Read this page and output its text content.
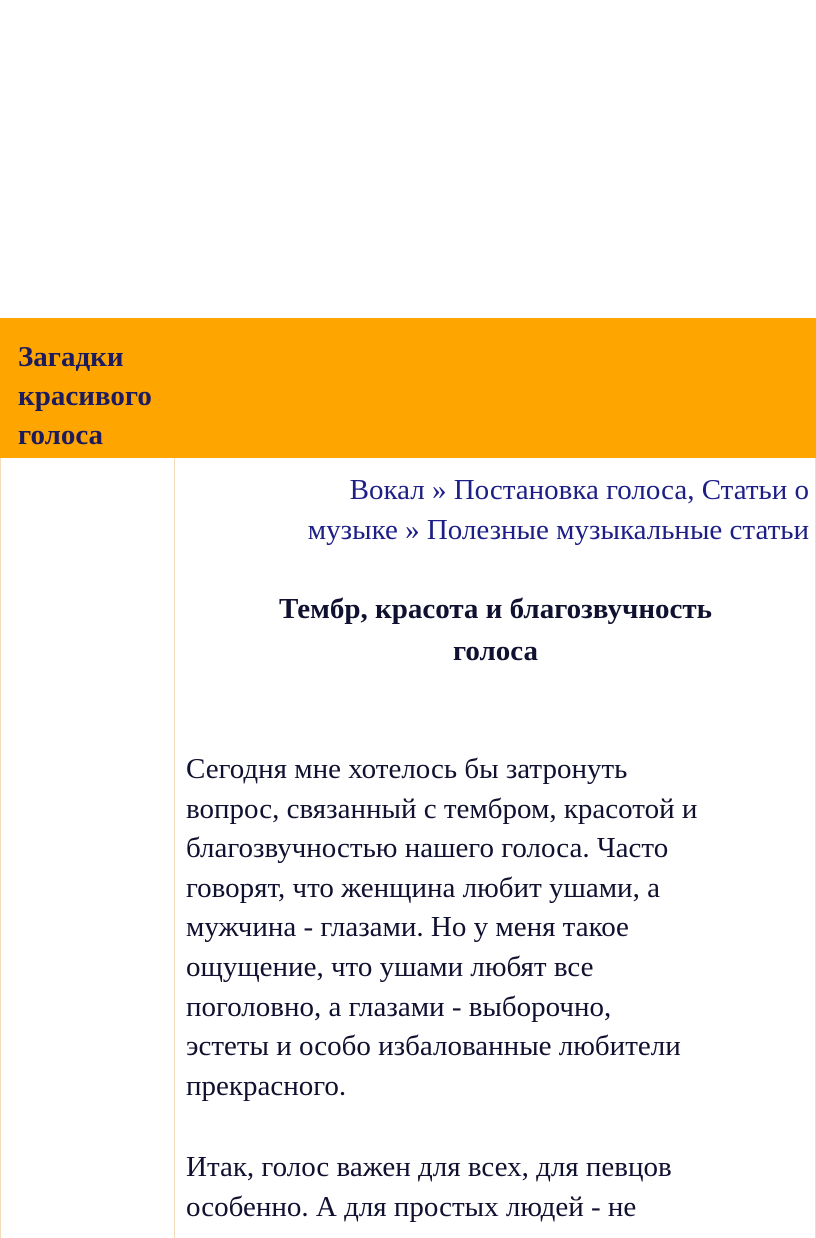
Загадки
красивого
голоса

Вокал » Постановка голоса, Статьи о
музыке » Полезные музыкальные статьи

Тембр, красота и благозвучность
голоса

Сегодня мне хотелось бы затронуть
вопрос, связанный с тембром, красотой и
благозвучностью нашего голоса. Часто
говорят, что женщина любит ушами, а
мужчина - глазами. Но у меня такое
ощущение, что ушами любят все
поголовно, а глазами - выборочно,
эстеты и особо избалованные любители
прекрасного.

Итак, голос важен для всех, для певцов
особенно. А для простых людей - не
